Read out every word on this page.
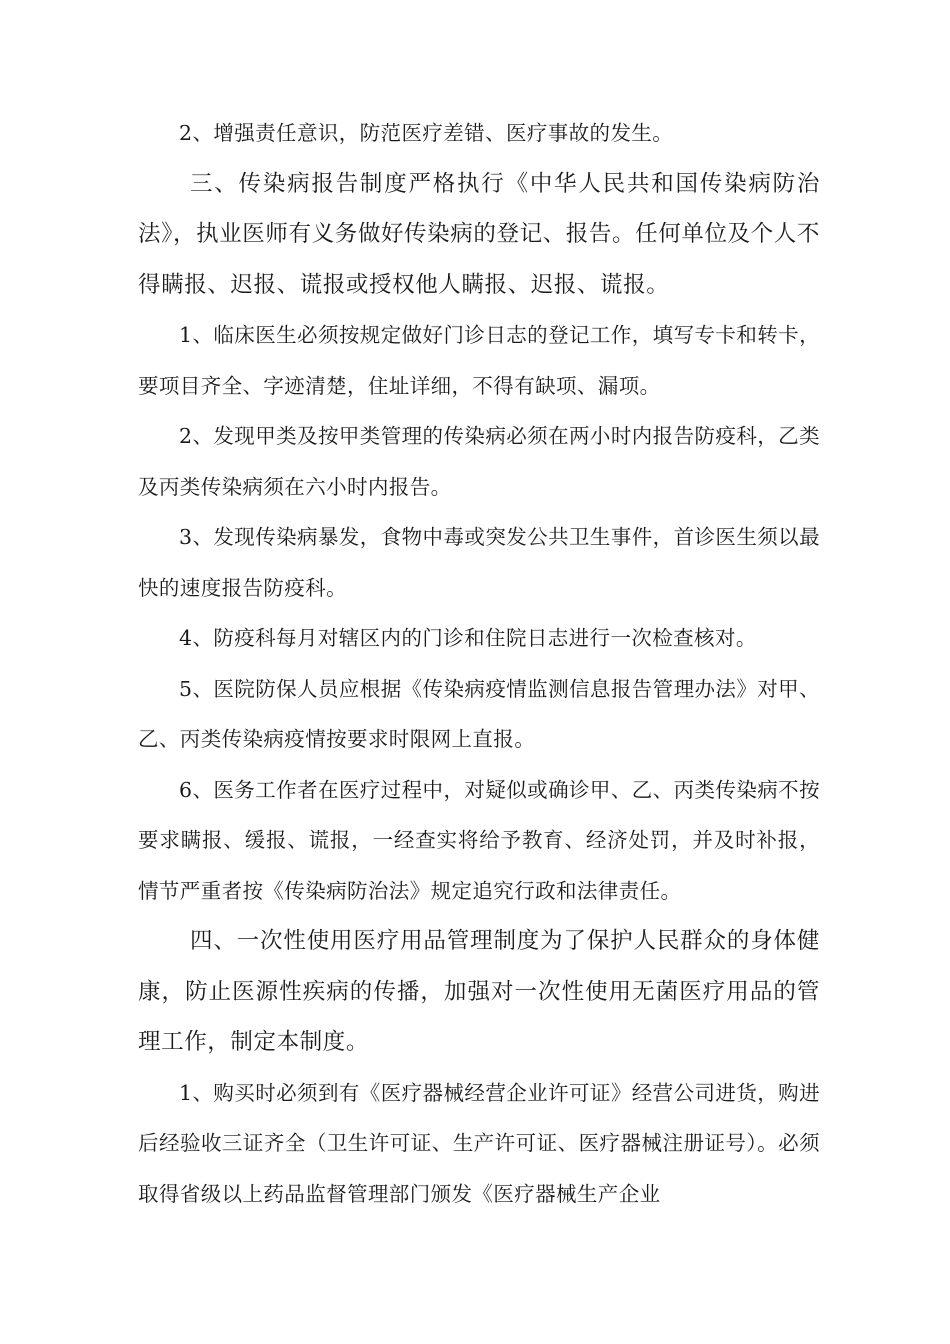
2、增强责任意识，防范医疗差错、医疗事故的发生。

三、传染病报告制度严格执行《中华人民共和国传染病防治法》，执业医师有义务做好传染病的登记、报告。任何单位及个人不得瞒报、迟报、谎报或授权他人瞒报、迟报、谎报。

1、临床医生必须按规定做好门诊日志的登记工作，填写专卡和转卡，要项目齐全、字迹清楚，住址详细，不得有缺项、漏项。

2、发现甲类及按甲类管理的传染病必须在两小时内报告防疫科，乙类及丙类传染病须在六小时内报告。

3、发现传染病暴发，食物中毒或突发公共卫生事件，首诊医生须以最快的速度报告防疫科。

4、防疫科每月对辖区内的门诊和住院日志进行一次检查核对。

5、医院防保人员应根据《传染病疫情监测信息报告管理办法》对甲、乙、丙类传染病疫情按要求时限网上直报。

6、医务工作者在医疗过程中，对疑似或确诊甲、乙、丙类传染病不按要求瞒报、缓报、谎报，一经查实将给予教育、经济处罚，并及时补报，情节严重者按《传染病防治法》规定追究行政和法律责任。

四、一次性使用医疗用品管理制度为了保护人民群众的身体健康，防止医源性疾病的传播，加强对一次性使用无菌医疗用品的管理工作，制定本制度。

1、购买时必须到有《医疗器械经营企业许可证》经营公司进货，购进后经验收三证齐全（卫生许可证、生产许可证、医疗器械注册证号）。必须取得省级以上药品监督管理部门颁发《医疗器械生产企业
